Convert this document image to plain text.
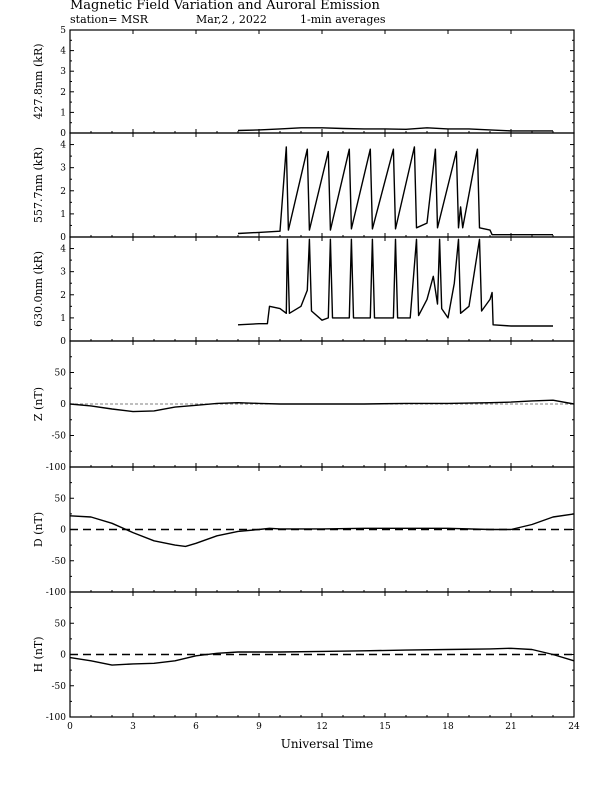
Magnetic Field Variation and Auroral Emission
station= MSR	Mar,2 , 2022	1-min averages
0
1
2
3
4
5
427.8nm (kR)
0
1
2
3
4
557.7nm (kR)
0
1
2
3
4
630.0nm (kR)
-100
-50
0
50
Z (nT)
-100
-50
0
50
D (nT)
-100
-50
0
50
H (nT)
0	3	6	9	12	15	18	21	24
Universal Time
